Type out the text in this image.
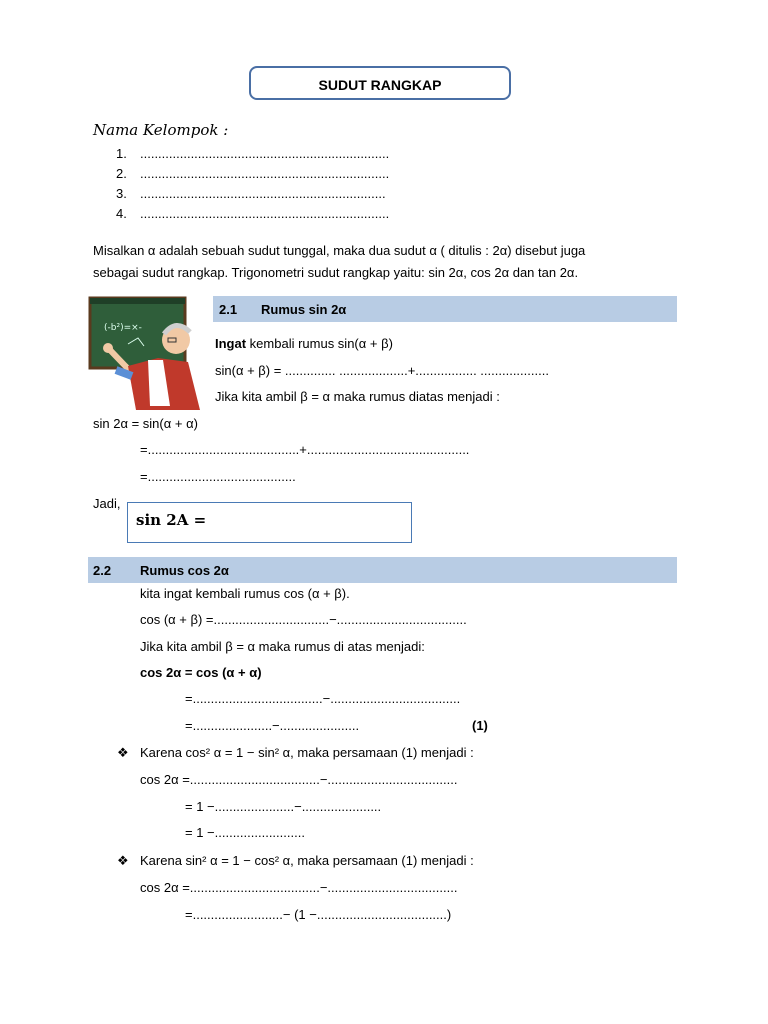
SUDUT RANGKAP
Nama Kelompok :
1. .....................................................................
2. .....................................................................
3. ....................................................................
4. .....................................................................
Misalkan α adalah sebuah sudut tunggal, maka dua sudut α ( ditulis : 2α) disebut juga
sebagai sudut rangkap. Trigonometri sudut rangkap yaitu: sin 2α, cos 2α dan tan 2α.
(-b²)=×-
2.1 Rumus sin 2α
Ingat kembali rumus sin(α + β)
sin(α + β) = .............. ...................+................. ...................
Jika kita ambil β = α maka rumus diatas menjadi :
sin 2α = sin(α + α)
=..........................................+.............................................
=.........................................
Jadi,
sin 2A =
2.2 Rumus cos 2α
kita ingat kembali rumus cos (α + β).
cos (α + β) =................................−....................................
Jika kita ambil β = α maka rumus di atas menjadi:
cos 2α = cos (α + α)
=....................................−....................................
=......................−......................	(1)
❖ Karena cos² α = 1 − sin² α, maka persamaan (1) menjadi :
cos 2α =....................................−....................................
= 1 −......................−......................
= 1 −.........................
❖ Karena sin² α = 1 − cos² α, maka persamaan (1) menjadi :
cos 2α =....................................−....................................
=.........................− (1 −....................................)
